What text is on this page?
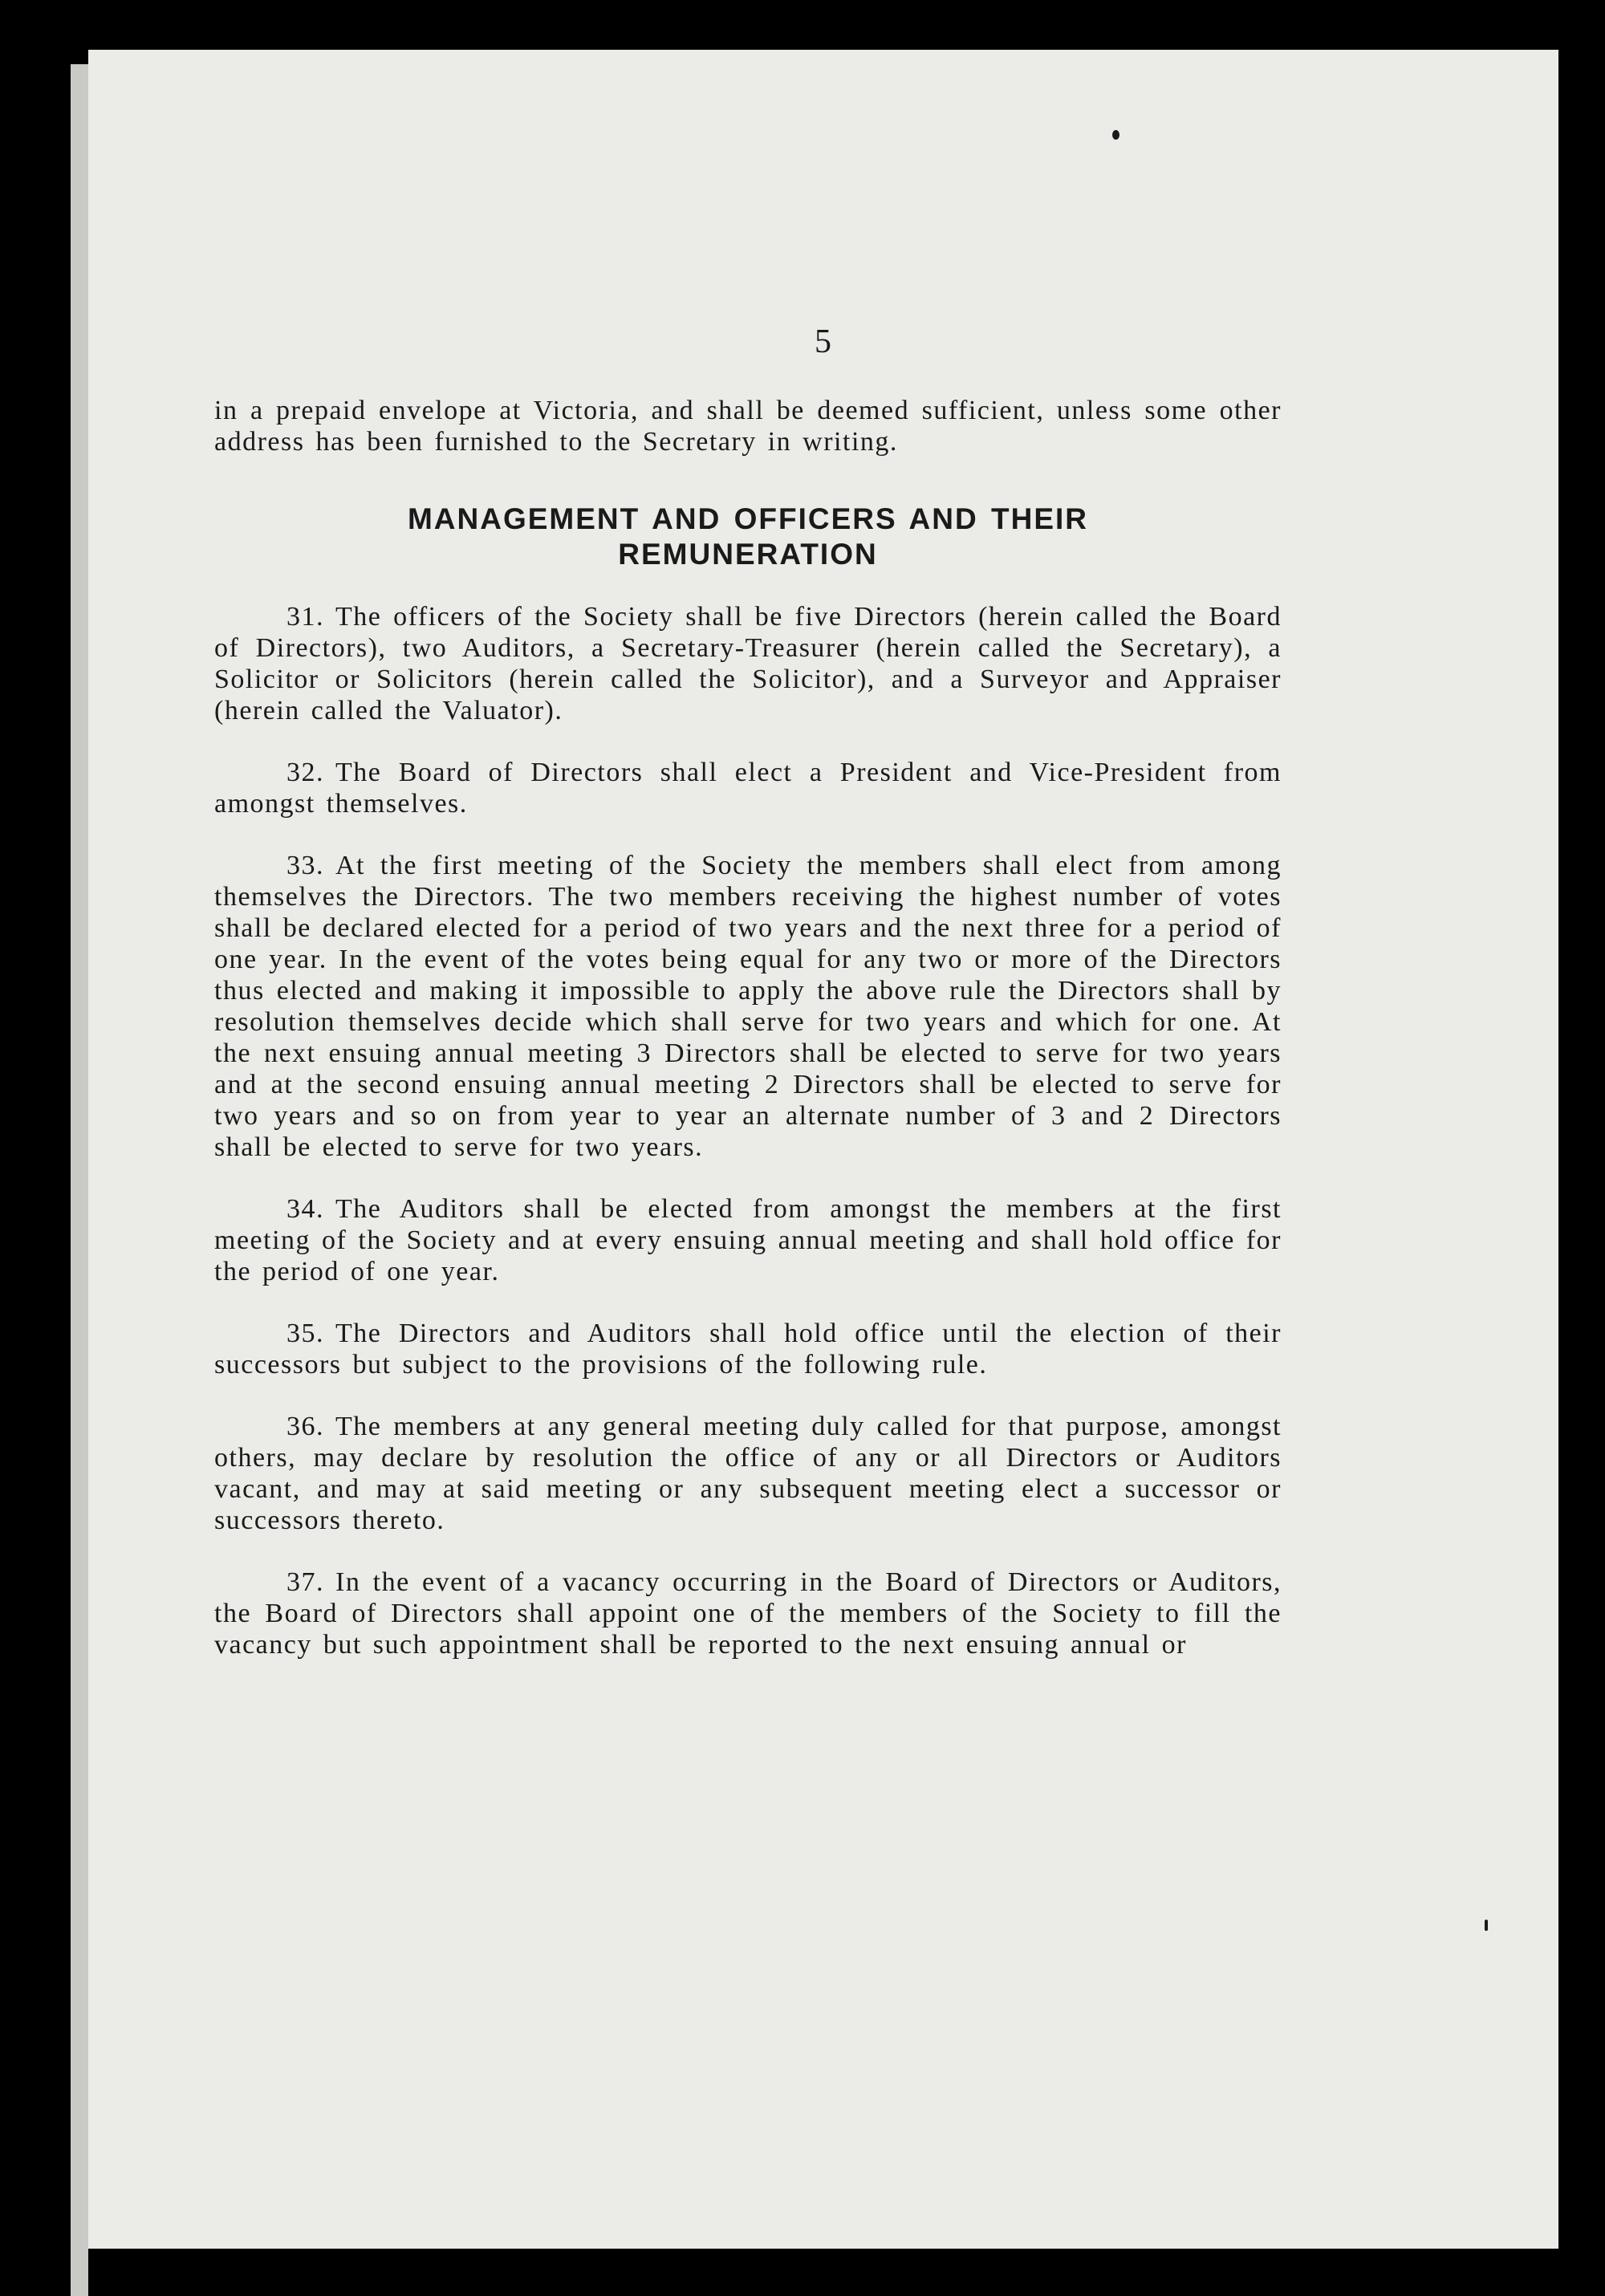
5

in a prepaid envelope at Victoria, and shall be deemed sufficient, unless some other address has been furnished to the Secretary in writing.

MANAGEMENT AND OFFICERS AND THEIR
REMUNERATION

31. The officers of the Society shall be five Directors (herein called the Board of Directors), two Auditors, a Secretary-Treasurer (herein called the Secretary), a Solicitor or Solicitors (herein called the Solicitor), and a Surveyor and Appraiser (herein called the Valuator).

32. The Board of Directors shall elect a President and Vice-President from amongst themselves.

33. At the first meeting of the Society the members shall elect from among themselves the Directors. The two members receiving the highest number of votes shall be declared elected for a period of two years and the next three for a period of one year. In the event of the votes being equal for any two or more of the Directors thus elected and making it impossible to apply the above rule the Directors shall by resolution themselves decide which shall serve for two years and which for one. At the next ensuing annual meeting 3 Directors shall be elected to serve for two years and at the second ensuing annual meeting 2 Directors shall be elected to serve for two years and so on from year to year an alternate number of 3 and 2 Directors shall be elected to serve for two years.

34. The Auditors shall be elected from amongst the members at the first meeting of the Society and at every ensuing annual meeting and shall hold office for the period of one year.

35. The Directors and Auditors shall hold office until the election of their successors but subject to the provisions of the following rule.

36. The members at any general meeting duly called for that purpose, amongst others, may declare by resolution the office of any or all Directors or Auditors vacant, and may at said meeting or any subsequent meeting elect a successor or successors thereto.

37. In the event of a vacancy occurring in the Board of Directors or Auditors, the Board of Directors shall appoint one of the members of the Society to fill the vacancy but such appointment shall be reported to the next ensuing annual or
